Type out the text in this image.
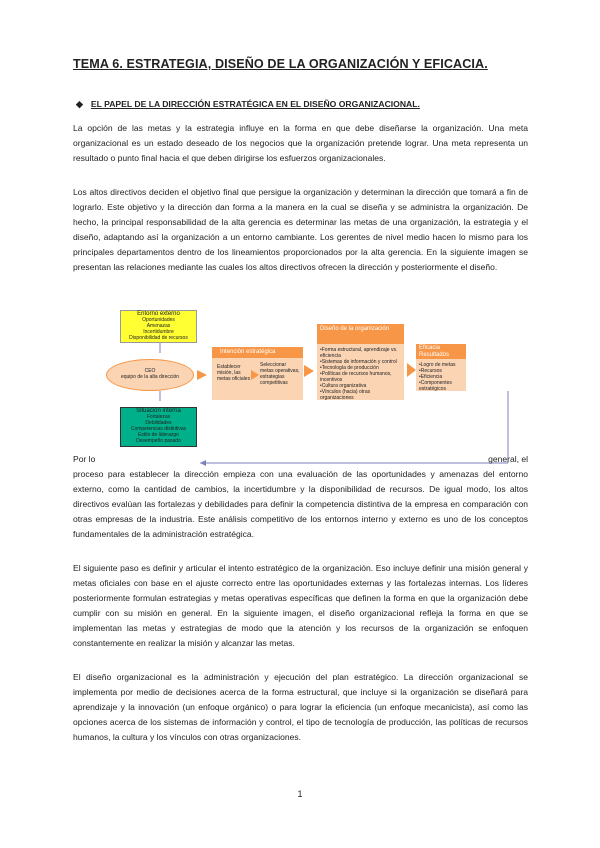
TEMA 6. ESTRATEGIA, DISEÑO DE LA ORGANIZACIÓN Y EFICACIA.
◆ EL PAPEL DE LA DIRECCIÓN ESTRATÉGICA EN EL DISEÑO ORGANIZACIONAL.

La opción de las metas y la estrategia influye en la forma en que debe diseñarse la organización. Una meta organizacional es un estado deseado de los negocios que la organización pretende lograr. Una meta representa un resultado o punto final hacia el que deben dirigirse los esfuerzos organizacionales.

Los altos directivos deciden el objetivo final que persigue la organización y determinan la dirección que tomará a fin de lograrlo. Este objetivo y la dirección dan forma a la manera en la cual se diseña y se administra la organización. De hecho, la principal responsabilidad de la alta gerencia es determinar las metas de una organización, la estrategia y el diseño, adaptando así la organización a un entorno cambiante. Los gerentes de nivel medio hacen lo mismo para los principales departamentos dentro de los lineamientos proporcionados por la alta gerencia. En la siguiente imagen se presentan las relaciones mediante las cuales los altos directivos ofrecen la dirección y posteriormente el diseño.

Entorno externo
Oportunidades
Amenazas
Incertidumbre
Disponibilidad de recursos
CEO
equipo de la alta dirección
Situación interna
Fortalezas
Debilidades
Competencias distintivas
Estilo de liderazgo
Desempeño pasado
Intención estratégica
Establecer misión, las metas oficiales
Seleccionar metas operativas, estrategias competitivas
Diseño de la organización
•Forma estructural, aprendizaje vs. eficiencia
•Sistemas de información y control
•Tecnología de producción
•Políticas de recursos humanos, incentivos
•Cultura organizativa
•Vínculos (hacia) otras organizaciones
Eficacia Resultados
•Logro de metas
•Recursos
•Eficiencia
•Componentes estratégicos
Por lo	general, el

proceso para establecer la dirección empieza con una evaluación de las oportunidades y amenazas del entorno externo, como la cantidad de cambios, la incertidumbre y la disponibilidad de recursos. De igual modo, los altos directivos evalúan las fortalezas y debilidades para definir la competencia distintiva de la empresa en comparación con otras empresas de la industria. Este análisis competitivo de los entornos interno y externo es uno de los conceptos fundamentales de la administración estratégica.

El siguiente paso es definir y articular el intento estratégico de la organización. Eso incluye definir una misión general y metas oficiales con base en el ajuste correcto entre las oportunidades externas y las fortalezas internas. Los líderes posteriormente formulan estrategias y metas operativas específicas que definen la forma en que la organización debe cumplir con su misión en general. En la siguiente imagen, el diseño organizacional refleja la forma en que se implementan las metas y estrategias de modo que la atención y los recursos de la organización se enfoquen constantemente en realizar la misión y alcanzar las metas.

El diseño organizacional es la administración y ejecución del plan estratégico. La dirección organizacional se implementa por medio de decisiones acerca de la forma estructural, que incluye si la organización se diseñará para aprendizaje y la innovación (un enfoque orgánico) o para lograr la eficiencia (un enfoque mecanicista), así como las opciones acerca de los sistemas de información y control, el tipo de tecnología de producción, las políticas de recursos humanos, la cultura y los vínculos con otras organizaciones.

1
